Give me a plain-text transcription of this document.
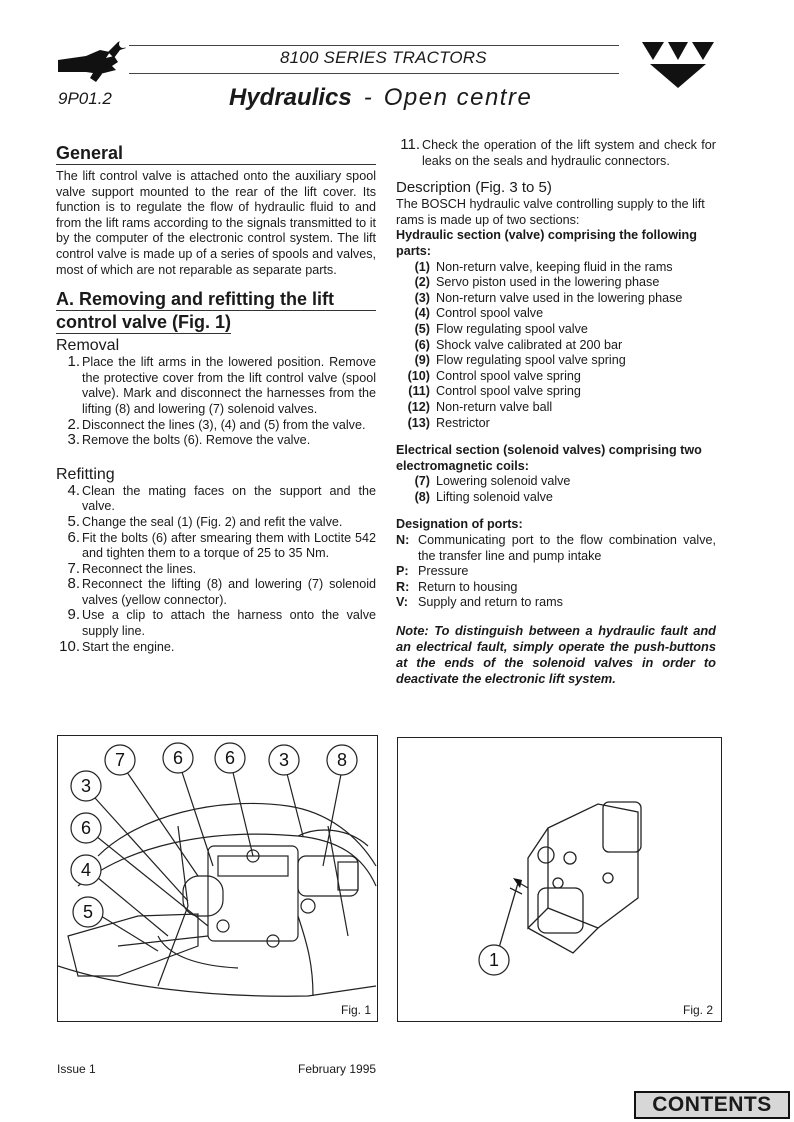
8100 SERIES TRACTORS
9P01.2	Hydraulics - Open centre
General

The lift control valve is attached onto the auxiliary spool valve support mounted to the rear of the lift cover. Its function is to regulate the flow of hydraulic fluid to and from the lift rams according to the signals transmitted to it by the computer of the electronic control system. The lift control valve is made up of a series of spools and valves, most of which are not reparable as separate parts.

A. Removing and refitting the lift
control valve (Fig. 1)
Removal
1. Place the lift arms in the lowered position. Remove the protective cover from the lift control valve (spool valve). Mark and disconnect the harnesses from the lifting (8) and lowering (7) solenoid valves.
2. Disconnect the lines (3), (4) and (5) from the valve.
3. Remove the bolts (6). Remove the valve.
Refitting
4. Clean the mating faces on the support and the valve.
5. Change the seal (1) (Fig. 2) and refit the valve.
6. Fit the bolts (6) after smearing them with Loctite 542 and tighten them to a torque of 25 to 35 Nm.
7. Reconnect the lines.
8. Reconnect the lifting (8) and lowering (7) solenoid valves (yellow connector).
9. Use a clip to attach the harness onto the valve supply line.
10. Start the engine.
11. Check the operation of the lift system and check for leaks on the seals and hydraulic connectors.
Description (Fig. 3 to 5)
The BOSCH hydraulic valve controlling supply to the lift rams is made up of two sections:
Hydraulic section (valve) comprising the following parts:
(1) Non-return valve, keeping fluid in the rams
(2) Servo piston used in the lowering phase
(3) Non-return valve used in the lowering phase
(4) Control spool valve
(5) Flow regulating spool valve
(6) Shock valve calibrated at 200 bar
(9) Flow regulating spool valve spring
(10) Control spool valve spring
(11) Control spool valve spring
(12) Non-return valve ball
(13) Restrictor
Electrical section (solenoid valves) comprising two electromagnetic coils:
(7) Lowering solenoid valve
(8) Lifting solenoid valve
Designation of ports:
N: Communicating port to the flow combination valve, the transfer line and pump intake
P: Pressure
R: Return to housing
V: Supply and return to rams
Note: To distinguish between a hydraulic fault and an electrical fault, simply operate the push-buttons at the ends of the solenoid valves in order to deactivate the electronic lift system.
7	6 6 3	8
3
6
4
5
Fig. 1
1
Fig. 2
Issue 1	February 1995
CONTENTS
